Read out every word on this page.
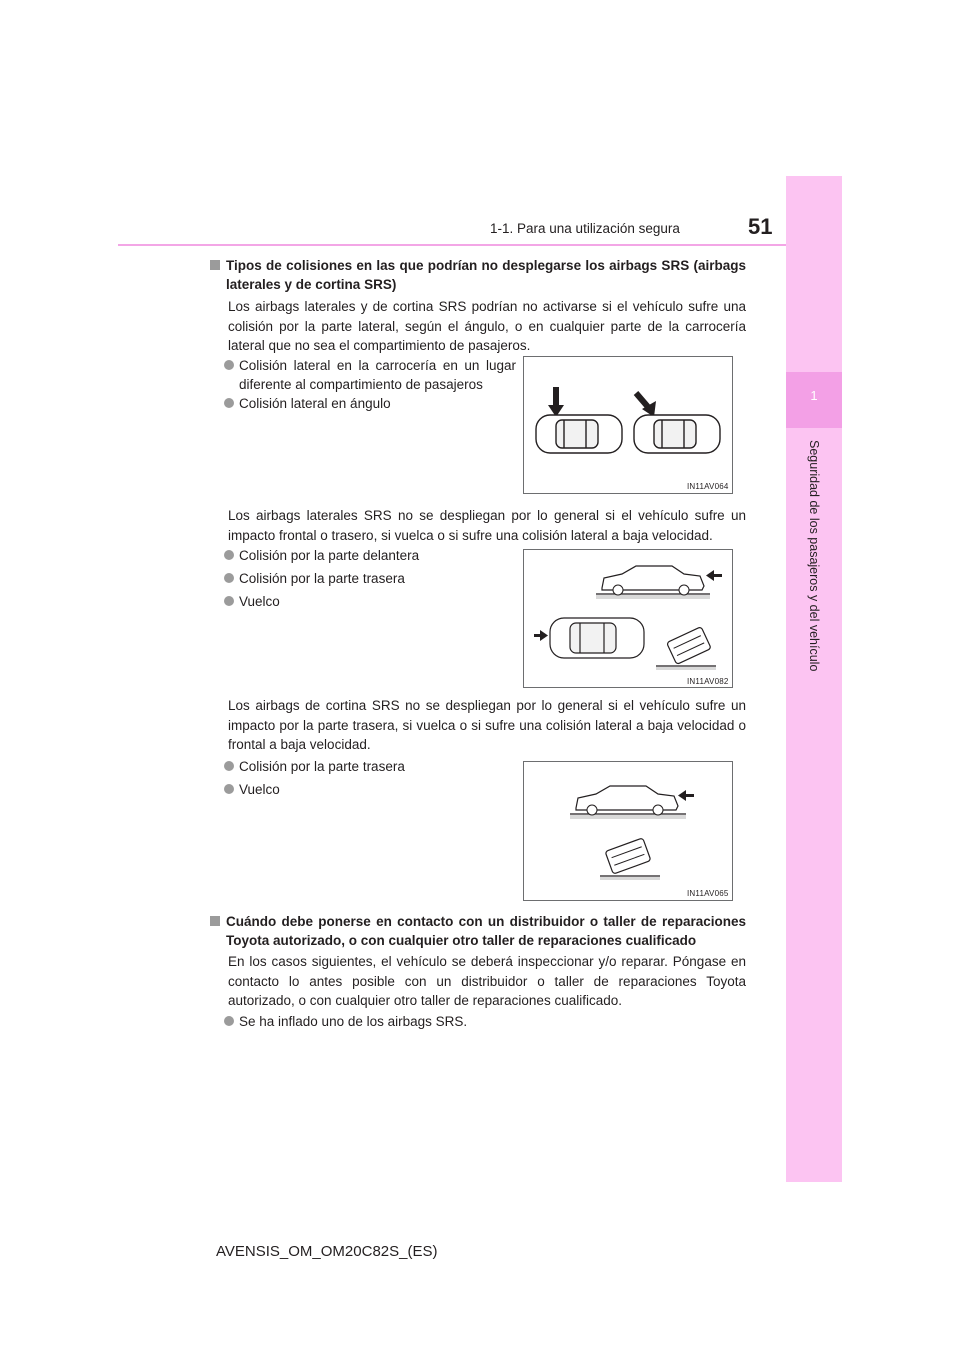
1-1. Para una utilización segura	51
1
Seguridad de los pasajeros y del vehículo
Tipos de colisiones en las que podrían no desplegarse los airbags SRS (airbags laterales y de cortina SRS)
Los airbags laterales y de cortina SRS podrían no activarse si el vehículo sufre una colisión por la parte lateral, según el ángulo, o en cualquier parte de la carrocería lateral que no sea el compartimiento de pasajeros.
Colisión lateral en la carrocería en un lugar diferente al compartimiento de pasajeros
Colisión lateral en ángulo
IN11AV064
Los airbags laterales SRS no se despliegan por lo general si el vehículo sufre un impacto frontal o trasero, si vuelca o si sufre una colisión lateral a baja velocidad.
Colisión por la parte delantera
Colisión por la parte trasera
Vuelco
IN11AV082
Los airbags de cortina SRS no se despliegan por lo general si el vehículo sufre un impacto por la parte trasera, si vuelca o si sufre una colisión lateral a baja velocidad o frontal a baja velocidad.
Colisión por la parte trasera
Vuelco
IN11AV065
Cuándo debe ponerse en contacto con un distribuidor o taller de reparaciones Toyota autorizado, o con cualquier otro taller de reparaciones cualificado
En los casos siguientes, el vehículo se deberá inspeccionar y/o reparar. Póngase en contacto lo antes posible con un distribuidor o taller de reparaciones Toyota autorizado, o con cualquier otro taller de reparaciones cualificado.
Se ha inflado uno de los airbags SRS.
AVENSIS_OM_OM20C82S_(ES)
